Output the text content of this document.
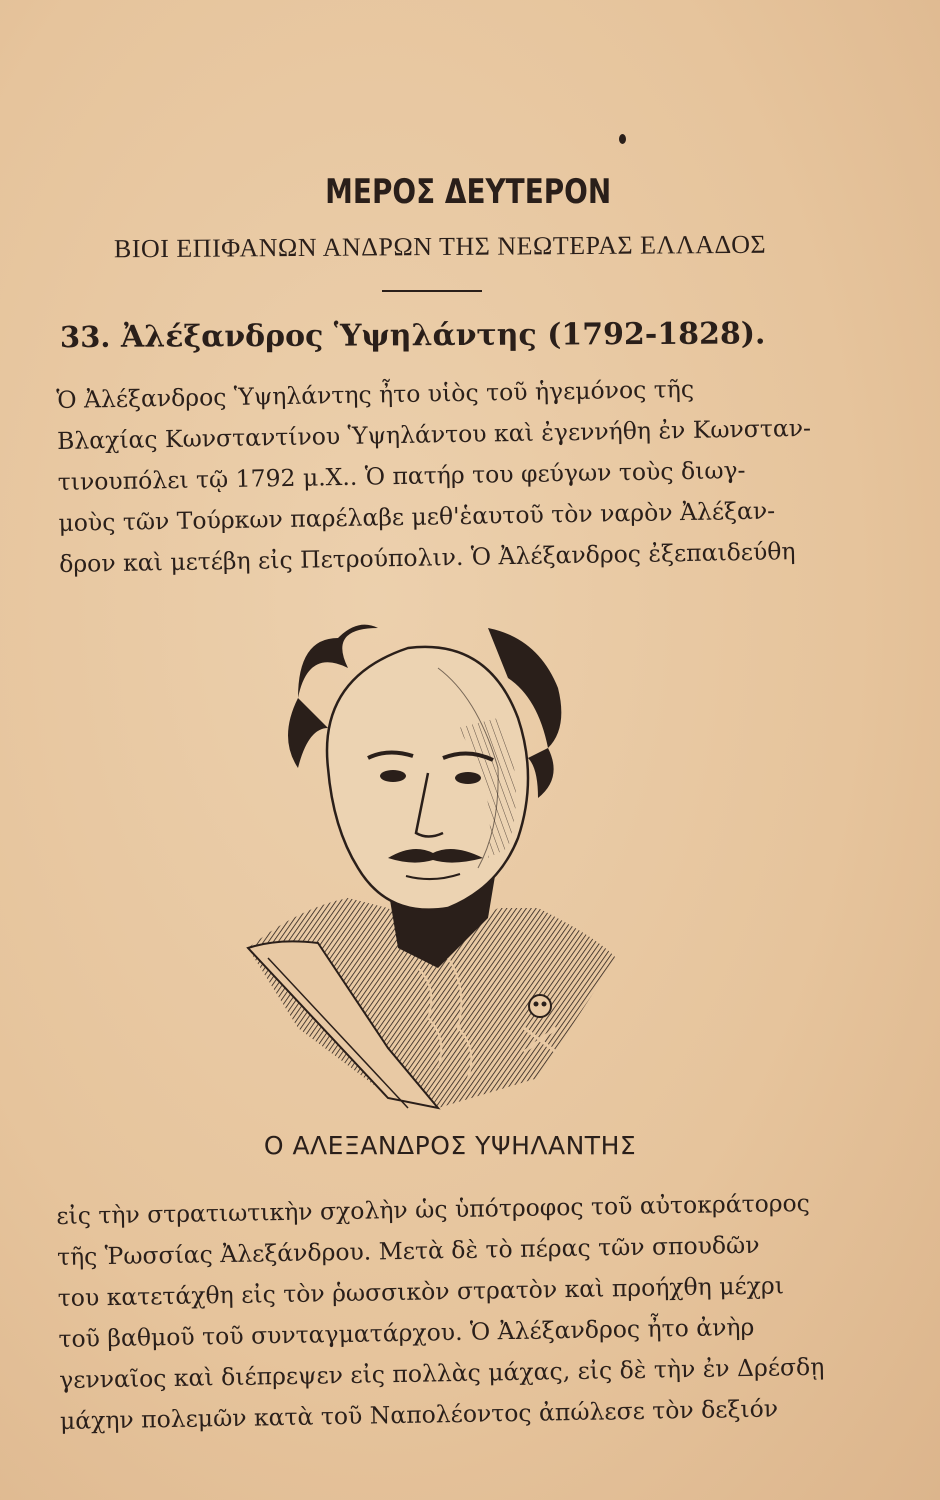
ΜΕΡΟΣ ΔΕΥΤΕΡΟΝ
ΒΙΟΙ ΕΠΙΦΑΝΩΝ ΑΝΔΡΩΝ ΤΗΣ ΝΕΩΤΕΡΑΣ ΕΛΛΑΔΟΣ
33. Ἀλέξανδρος Ὑψηλάντης (1792-1828).
Ὁ Ἀλέξανδρος Ὑψηλάντης ἦτο υἱὸς τοῦ ἡγεμόνος τῆς
Βλαχίας Κωνσταντίνου Ὑψηλάντου καὶ ἐγεννήθη ἐν Κωνσταν-
τινουπόλει τῷ 1792 μ.Χ.. Ὁ πατήρ του φεύγων τοὺς διωγ-
μοὺς τῶν Τούρκων παρέλαβε μεθ'ἑαυτοῦ τὸν ναρὸν Ἀλέξαν-
δρον καὶ μετέβη εἰς Πετρούπολιν. Ὁ Ἀλέξανδρος ἐξεπαιδεύθη
Ο ΑΛΕΞΑΝΔΡΟΣ ΥΨΗΛΑΝΤΗΣ
εἰς τὴν στρατιωτικὴν σχολὴν ὡς ὑπότροφος τοῦ αὐτοκράτορος
τῆς Ῥωσσίας Ἀλεξάνδρου. Μετὰ δὲ τὸ πέρας τῶν σπουδῶν
του κατετάχθη εἰς τὸν ῥωσσικὸν στρατὸν καὶ προήχθη μέχρι
τοῦ βαθμοῦ τοῦ συνταγματάρχου. Ὁ Ἀλέξανδρος ἦτο ἀνὴρ
γενναῖος καὶ διέπρεψεν εἰς πολλὰς μάχας, εἰς δὲ τὴν ἐν Δρέσδῃ
μάχην πολεμῶν κατὰ τοῦ Ναπολέοντος ἀπώλεσε τὸν δεξιόν
